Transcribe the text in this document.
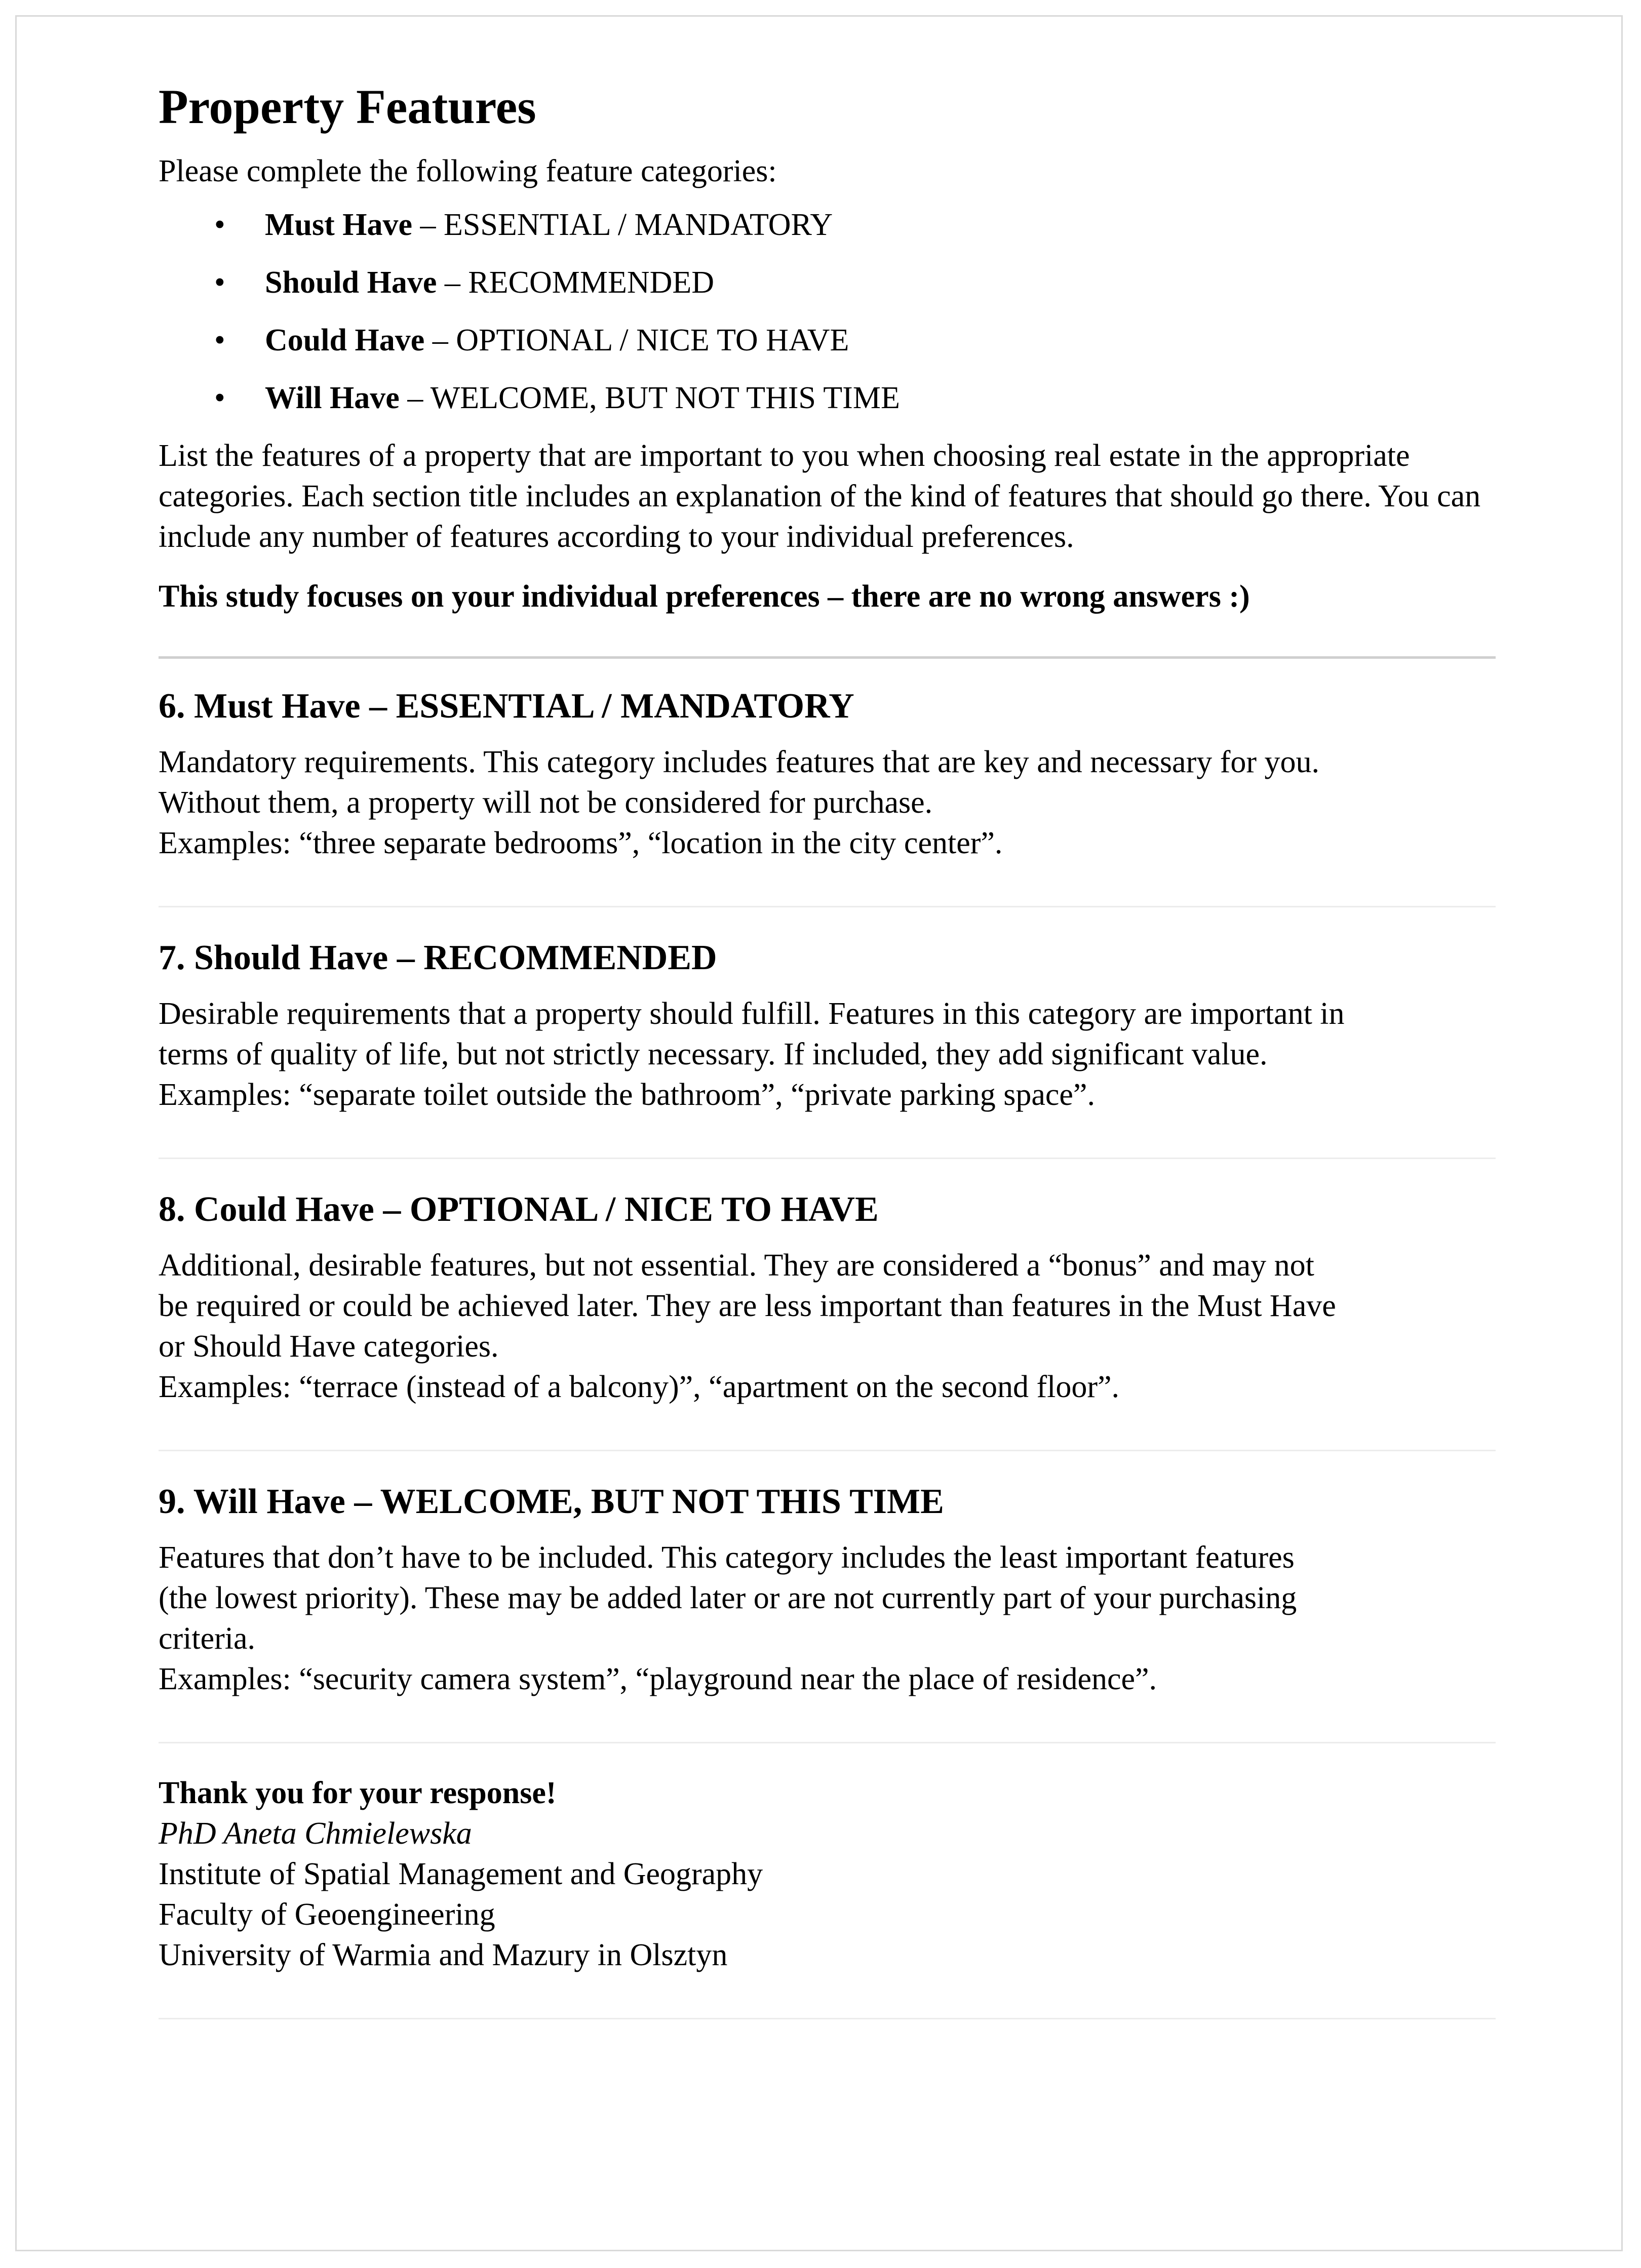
Property Features

Please complete the following feature categories:

• Must Have – ESSENTIAL / MANDATORY
• Should Have – RECOMMENDED
• Could Have – OPTIONAL / NICE TO HAVE
• Will Have – WELCOME, BUT NOT THIS TIME

List the features of a property that are important to you when choosing real estate in the appropriate categories. Each section title includes an explanation of the kind of features that should go there. You can include any number of features according to your individual preferences.

This study focuses on your individual preferences – there are no wrong answers :)

6. Must Have – ESSENTIAL / MANDATORY

Mandatory requirements. This category includes features that are key and necessary for you.

Without them, a property will not be considered for purchase.

Examples: “three separate bedrooms”, “location in the city center”.

7. Should Have – RECOMMENDED

Desirable requirements that a property should fulfill. Features in this category are important in

terms of quality of life, but not strictly necessary. If included, they add significant value.

Examples: “separate toilet outside the bathroom”, “private parking space”.

8. Could Have – OPTIONAL / NICE TO HAVE

Additional, desirable features, but not essential. They are considered a “bonus” and may not

be required or could be achieved later. They are less important than features in the Must Have

or Should Have categories.

Examples: “terrace (instead of a balcony)”, “apartment on the second floor”.

9. Will Have – WELCOME, BUT NOT THIS TIME

Features that don’t have to be included. This category includes the least important features

(the lowest priority). These may be added later or are not currently part of your purchasing

criteria.

Examples: “security camera system”, “playground near the place of residence”.

Thank you for your response!

PhD Aneta Chmielewska

Institute of Spatial Management and Geography

Faculty of Geoengineering

University of Warmia and Mazury in Olsztyn
